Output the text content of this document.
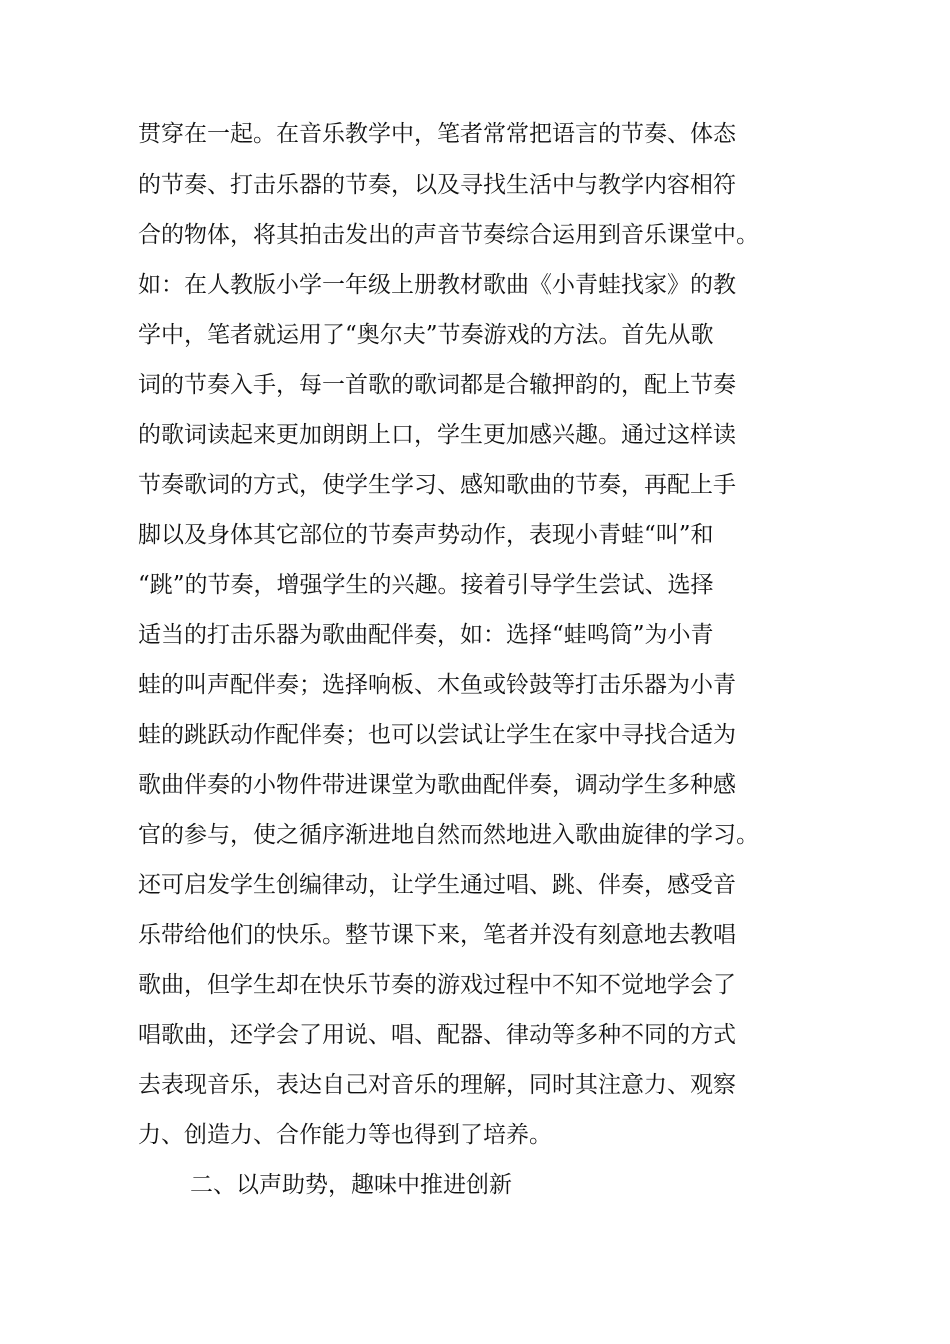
贯穿在一起。在音乐教学中，笔者常常把语言的节奏、体态
的节奏、打击乐器的节奏，以及寻找生活中与教学内容相符
合的物体，将其拍击发出的声音节奏综合运用到音乐课堂中。
如：在人教版小学一年级上册教材歌曲《小青蛙找家》的教
学中，笔者就运用了“奥尔夫”节奏游戏的方法。首先从歌
词的节奏入手，每一首歌的歌词都是合辙押韵的，配上节奏
的歌词读起来更加朗朗上口，学生更加感兴趣。通过这样读
节奏歌词的方式，使学生学习、感知歌曲的节奏，再配上手
脚以及身体其它部位的节奏声势动作，表现小青蛙“叫”和
“跳”的节奏，增强学生的兴趣。接着引导学生尝试、选择
适当的打击乐器为歌曲配伴奏，如：选择“蛙鸣筒”为小青
蛙的叫声配伴奏；选择响板、木鱼或铃鼓等打击乐器为小青
蛙的跳跃动作配伴奏；也可以尝试让学生在家中寻找合适为
歌曲伴奏的小物件带进课堂为歌曲配伴奏，调动学生多种感
官的参与，使之循序渐进地自然而然地进入歌曲旋律的学习。
还可启发学生创编律动，让学生通过唱、跳、伴奏，感受音
乐带给他们的快乐。整节课下来，笔者并没有刻意地去教唱
歌曲，但学生却在快乐节奏的游戏过程中不知不觉地学会了
唱歌曲，还学会了用说、唱、配器、律动等多种不同的方式
去表现音乐，表达自己对音乐的理解，同时其注意力、观察
力、创造力、合作能力等也得到了培养。
二、以声助势，趣味中推进创新
